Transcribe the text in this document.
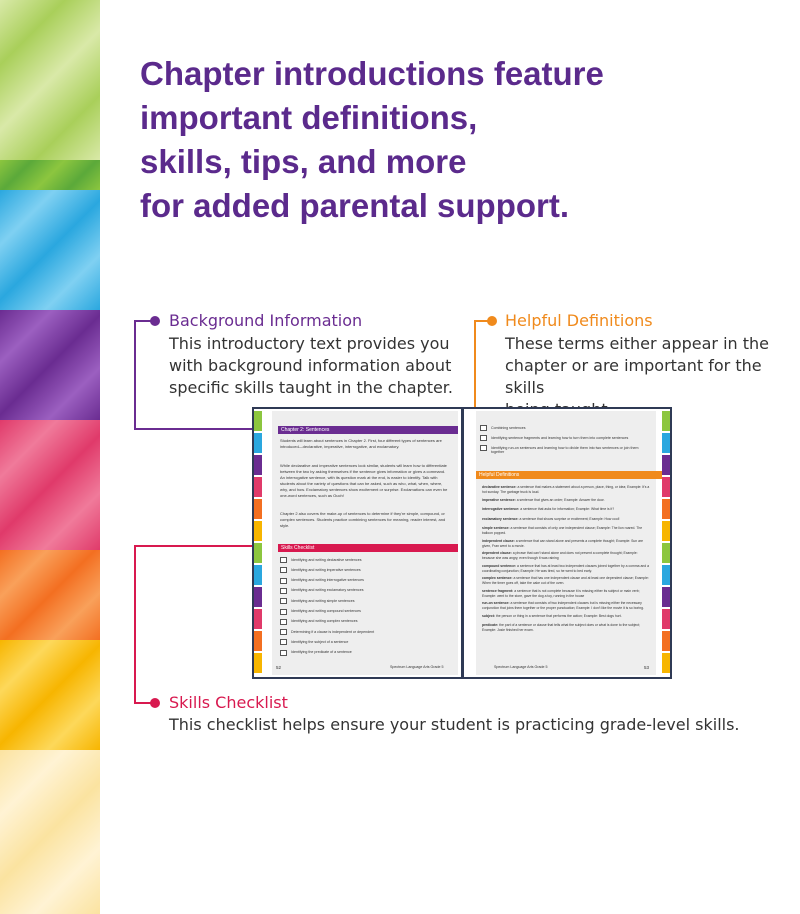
Chapter introductions feature
important definitions,
skills, tips, and more
for added parental support.
Background Information
This introductory text provides you
with background information about
specific skills taught in the chapter.
Helpful Definitions
These terms either appear in the
chapter or are important for the skills
Skills Checklist
This checklist helps ensure your student is practicing grade-level skills.
Chapter 2: Sentences
Students will learn about sentences in Chapter 2. First, four different types of sentences are introduced—declarative, imperative, interrogative, and exclamatory.
While declarative and imperative sentences look similar, students will learn how to differentiate between the two by asking themselves if the sentence gives information or gives a command. An interrogative sentence, with its question mark at the end, is easier to identify. Talk with students about the variety of questions that can be asked, such as who, what, when, where, why, and how. Exclamatory sentences show excitement or surprise. Exclamations can even be one-word sentences, such as Ouch!
Chapter 2 also covers the make-up of sentences to determine if they're simple, compound, or complex sentences. Students practice combining sentences for meaning, reader interest, and style.
Skills Checklist
Identifying and writing declarative sentences
Identifying and writing imperative sentences
Identifying and writing interrogative sentences
Identifying and writing exclamatory sentences
Identifying and writing simple sentences
Identifying and writing compound sentences
Identifying and writing complex sentences
Determining if a clause is independent or dependent
Identifying the subject of a sentence
Identifying the predicate of a sentence
52	Spectrum Language Arts Grade 5
Combining sentences
Identifying sentence fragments and learning how to turn them into complete sentences
Identifying run-on sentences and learning how to divide them into two sentences or join them together
Helpful Definitions
declarative sentence: a sentence that makes a statement about a person, place, thing, or idea; Example: It's a hot sunday. The garbage truck is loud.
imperative sentence: a sentence that gives an order; Example: Answer the door.
interrogative sentence: a sentence that asks for information; Example: What time is it?
exclamatory sentence: a sentence that shows surprise or excitement; Example: How cool!
simple sentence: a sentence that consists of only one independent clause; Example: The lion roared. The balloon popped.
independent clause: a sentence that can stand alone and presents a complete thought; Example: Sun are given, Fran went to a movie.
dependent clause: a phrase that can't stand alone and does not present a complete thought; Example: because she was angry, even though it was raining
compound sentence: a sentence that has at least two independent clauses joined together by a comma and a coordinating conjunction; Example: He was tired, so he went to bed early.
complex sentence: a sentence that has one independent clause and at least one dependent clause; Example: When the timer goes off, take the cake out of the oven.
sentence fragment: a sentence that is not complete because it is missing either its subject or main verb; Example: went to the store, gave the dog a toy, running in the house
run-on sentence: a sentence that consists of two independent clauses but is missing either the necessary conjunction that joins them together or the proper punctuation; Example: I don't like the movie it is so boring.
subject: the person or thing in a sentence that performs the action; Example: Best dogs hurt.
predicate: the part of a sentence or clause that tells what the subject does or what is done to the subject; Example: Josie finished her exam.
Spectrum Language Arts Grade 5	53
